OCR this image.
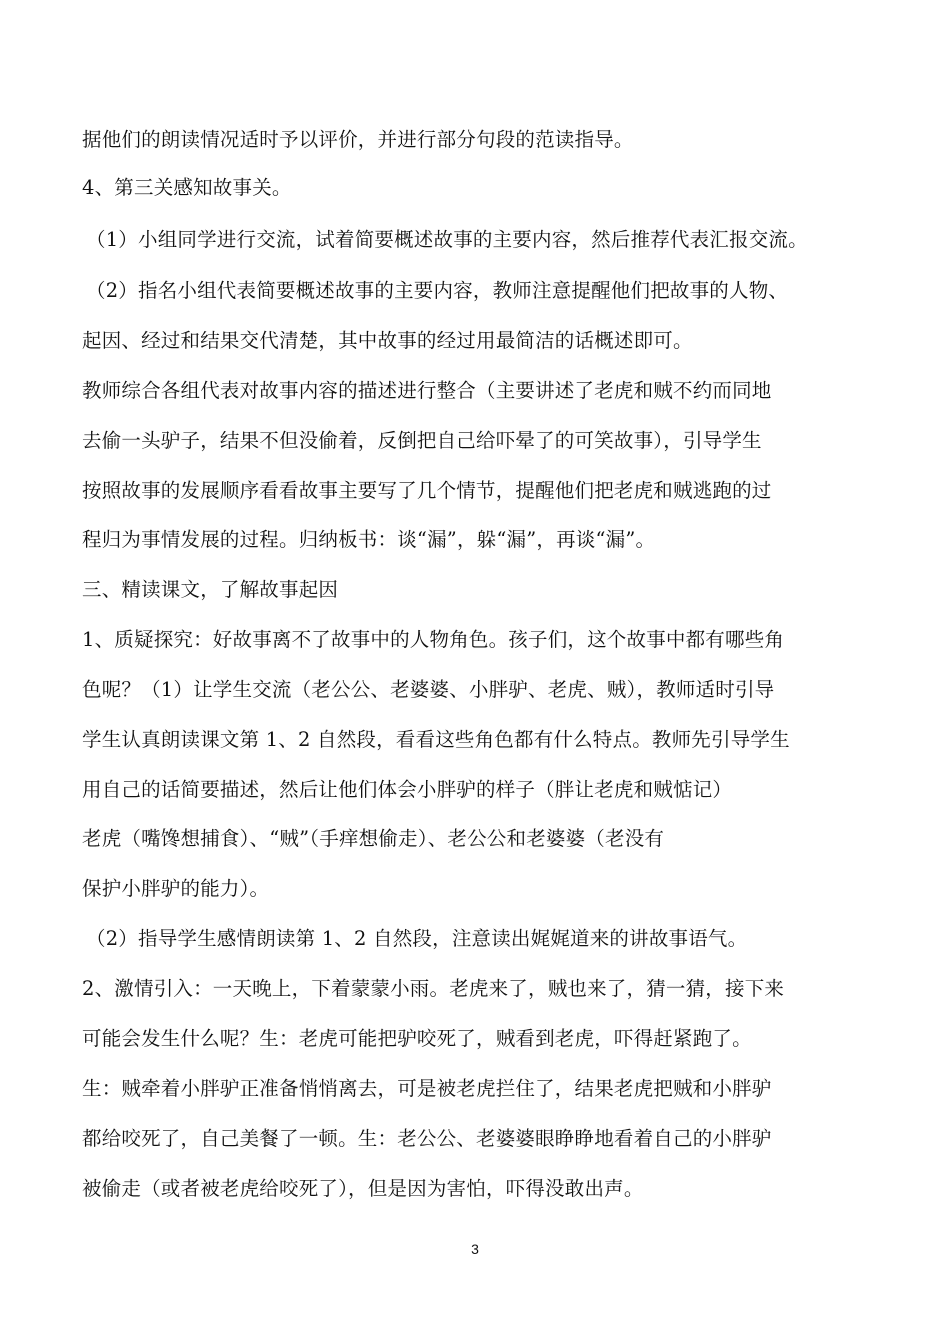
据他们的朗读情况适时予以评价，并进行部分句段的范读指导。
4、第三关感知故事关。
（1）小组同学进行交流，试着简要概述故事的主要内容，然后推荐代表汇报交流。
（2）指名小组代表简要概述故事的主要内容，教师注意提醒他们把故事的人物、
起因、经过和结果交代清楚，其中故事的经过用最简洁的话概述即可。
教师综合各组代表对故事内容的描述进行整合（主要讲述了老虎和贼不约而同地
去偷一头驴子，结果不但没偷着，反倒把自己给吓晕了的可笑故事），引导学生
按照故事的发展顺序看看故事主要写了几个情节，提醒他们把老虎和贼逃跑的过
程归为事情发展的过程。归纳板书：谈“漏”，躲“漏”，再谈“漏”。
三、精读课文，了解故事起因
1、质疑探究：好故事离不了故事中的人物角色。孩子们，这个故事中都有哪些角
色呢？（1）让学生交流（老公公、老婆婆、小胖驴、老虎、贼），教师适时引导
学生认真朗读课文第 1、2 自然段，看看这些角色都有什么特点。教师先引导学生
用自己的话简要描述，然后让他们体会小胖驴的样子（胖让老虎和贼惦记）
老虎（嘴馋想捕食）、“贼”（手痒想偷走）、老公公和老婆婆（老没有
保护小胖驴的能力）。
（2）指导学生感情朗读第 1、2 自然段，注意读出娓娓道来的讲故事语气。
2、激情引入：一天晚上，下着蒙蒙小雨。老虎来了，贼也来了，猜一猜，接下来
可能会发生什么呢？生：老虎可能把驴咬死了，贼看到老虎，吓得赶紧跑了。
生：贼牵着小胖驴正准备悄悄离去，可是被老虎拦住了，结果老虎把贼和小胖驴
都给咬死了，自己美餐了一顿。生：老公公、老婆婆眼睁睁地看着自己的小胖驴
被偷走（或者被老虎给咬死了），但是因为害怕，吓得没敢出声。
3
